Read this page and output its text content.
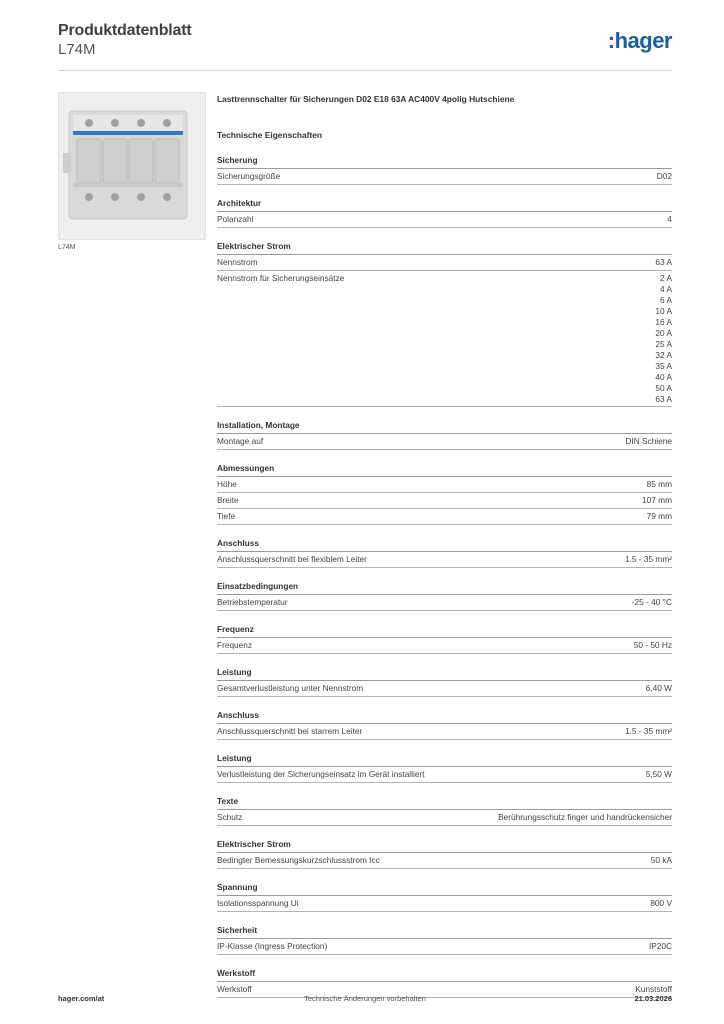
Produktdatenblatt
L74M	:hager
L74M
Lasttrennschalter für Sicherungen D02 E18 63A AC400V 4polig Hutschiene
Technische Eigenschaften
Sicherung
Sicherungsgröße	D02
Architektur
Polanzahl	4
Elektrischer Strom
Nennstrom	63 A
Nennstrom für Sicherungseinsätze	2 A
4 A
6 A
10 A
16 A
20 A
25 A
32 A
35 A
40 A
50 A
63 A
Installation, Montage
Montage auf	DIN Schiene
Abmessungen
Höhe	85 mm
Breite	107 mm
Tiefe	79 mm
Anschluss
Anschlussquerschnitt bei flexiblem Leiter	1.5 - 35 mm²
Einsatzbedingungen
Betriebstemperatur	-25 - 40 °C
Frequenz
Frequenz	50 - 50 Hz
Leistung
Gesamtverlustleistung unter Nennstrom	6,40 W
Anschluss
Anschlussquerschnitt bei starrem Leiter	1.5 - 35 mm²
Leistung
Verlustleistung der Sicherungseinsatz im Gerät installiert	5,50 W
Texte
Schutz	Berührungsschutz finger und handrückensicher
Elektrischer Strom
Bedingter Bemessungskurzschlussstrom Icc	50 kA
Spannung
Isolationsspannung Ui	800 V
Sicherheit
IP-Klasse (Ingress Protection)	IP20C
Werkstoff
Werkstoff	Kunststoff
hager.com/at	Technische Änderungen vorbehalten	21.03.2026
